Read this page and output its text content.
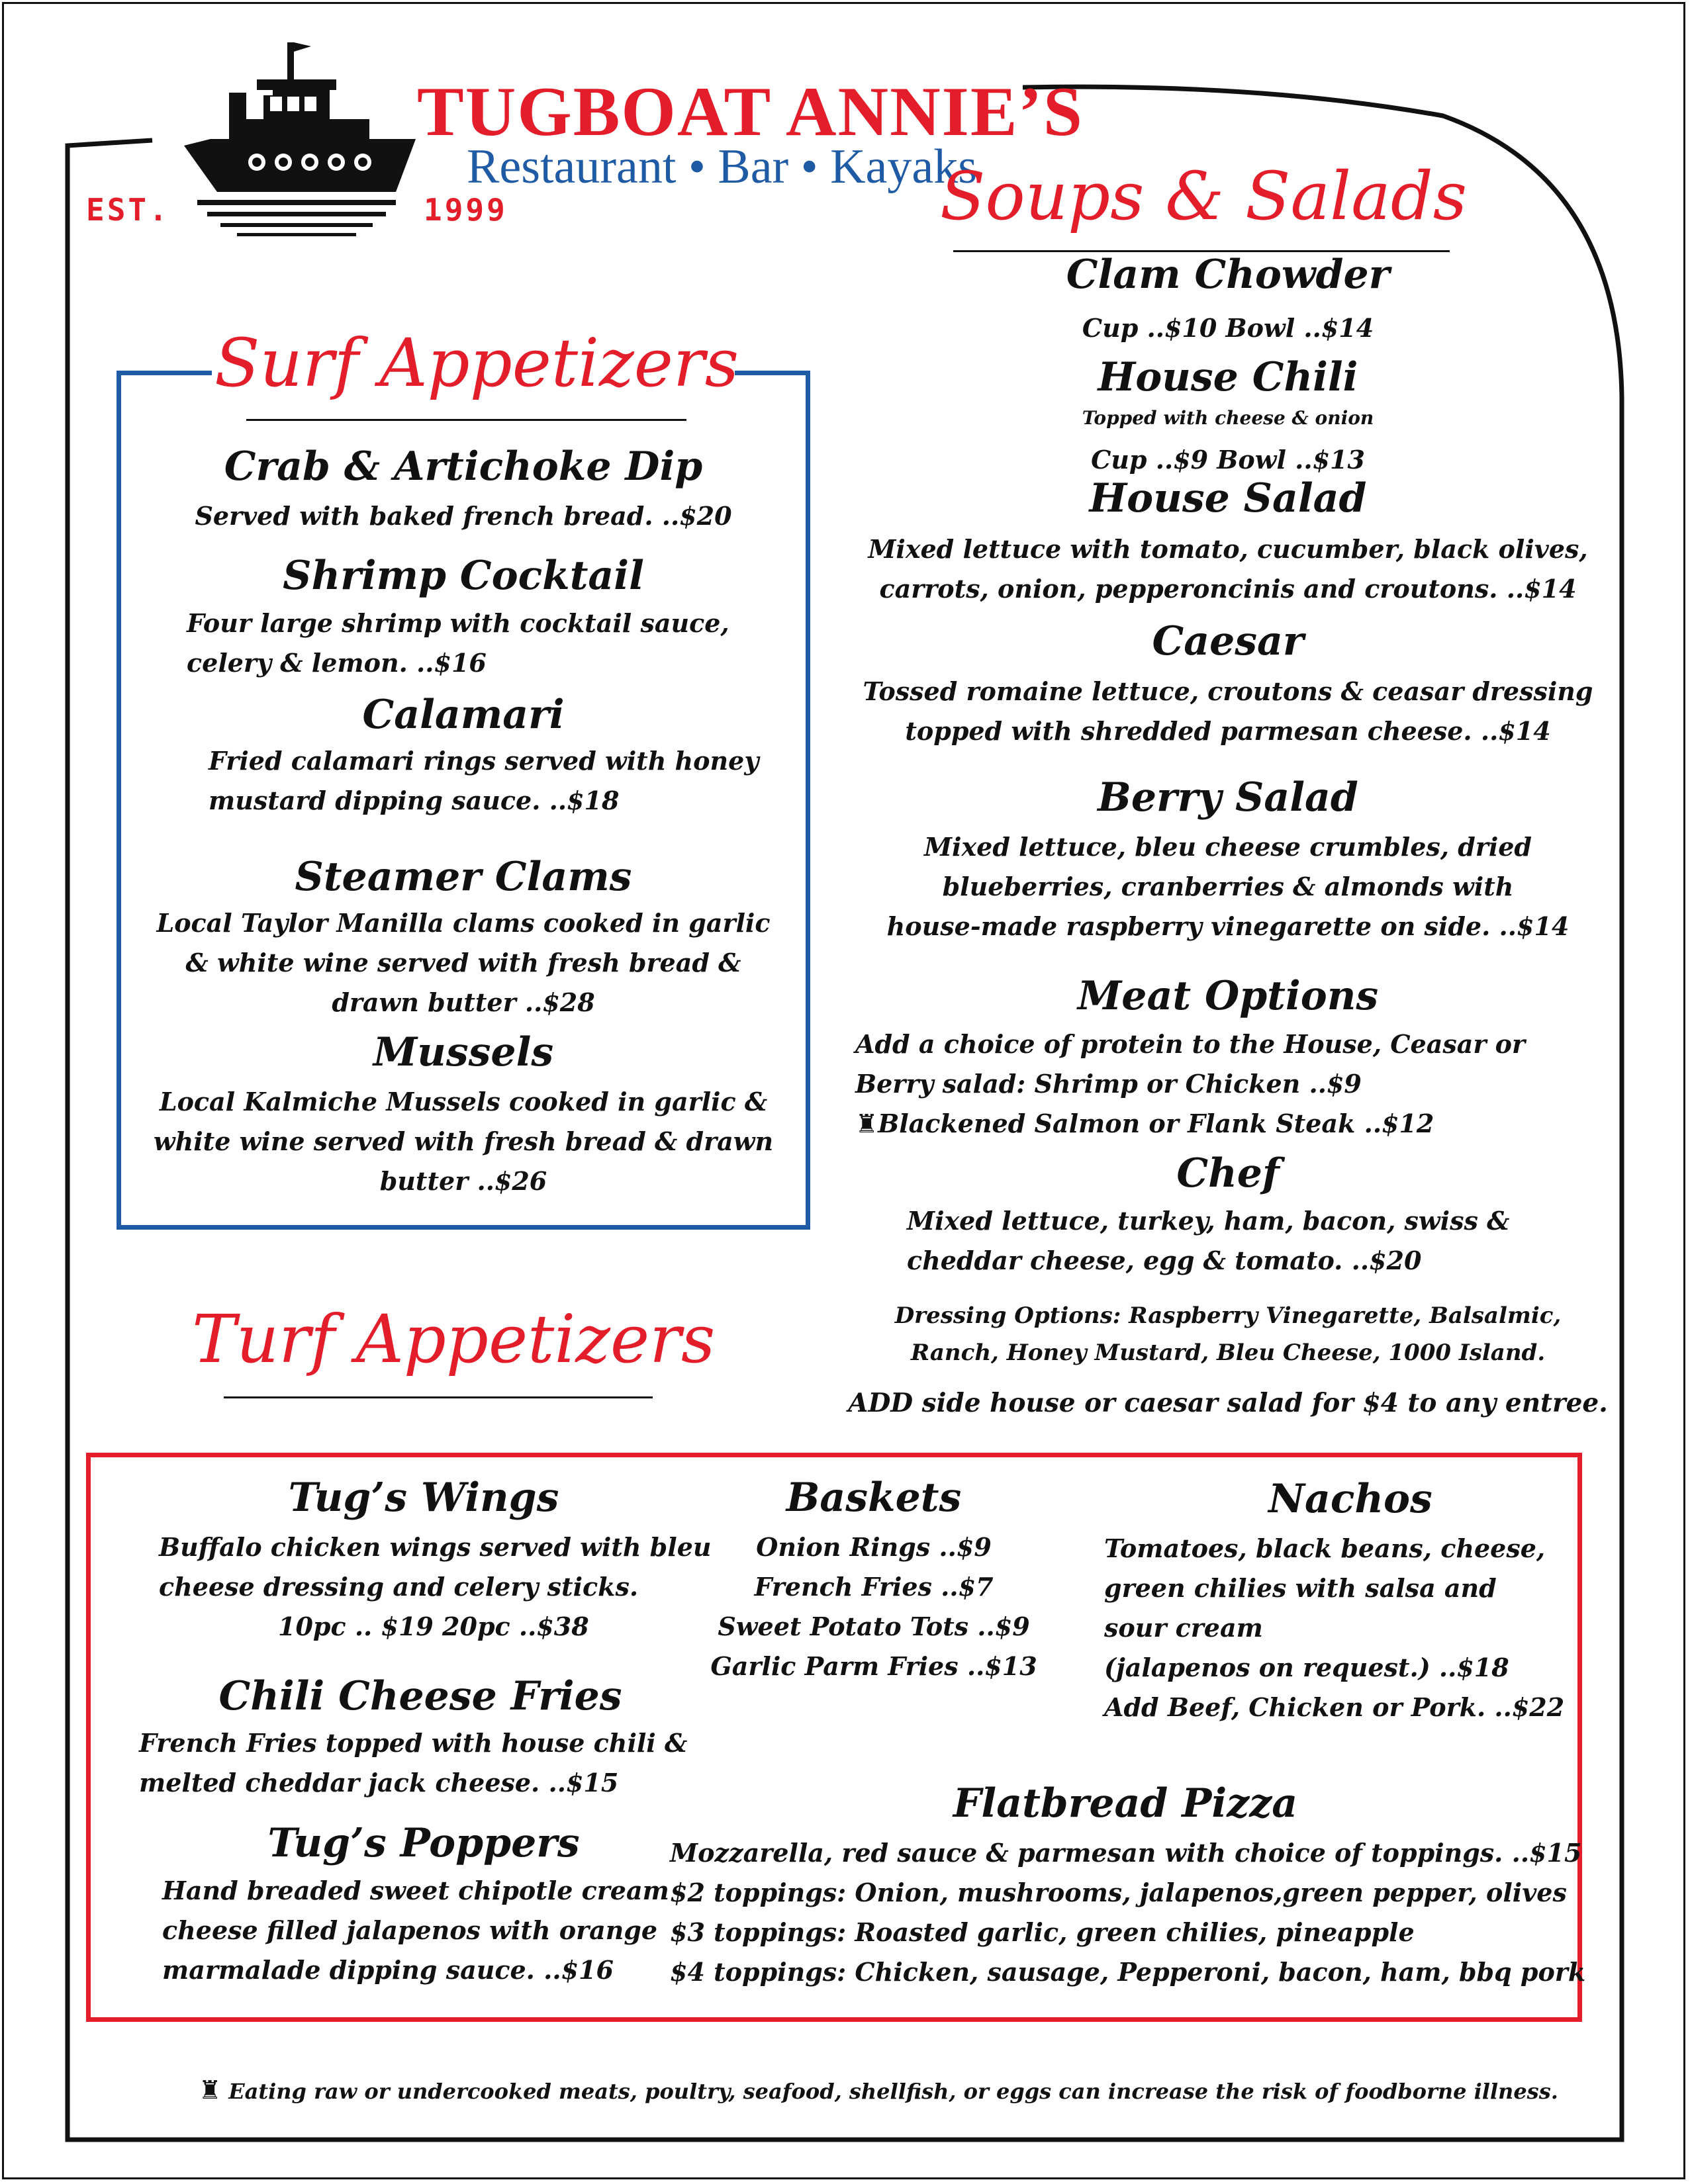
EST.	1999
TUGBOAT ANNIE’S
Restaurant • Bar • Kayaks
Soups & Salads
Clam Chowder
Cup ..$10 Bowl ..$14
House Chili
Topped with cheese & onion
Cup ..$9 Bowl ..$13
House Salad
Mixed lettuce with tomato, cucumber, black olives,
carrots, onion, pepperoncinis and croutons. ..$14
Caesar
Tossed romaine lettuce, croutons & ceasar dressing
topped with shredded parmesan cheese. ..$14
Berry Salad
Mixed lettuce, bleu cheese crumbles, dried
blueberries, cranberries & almonds with
house-made raspberry vinegarette on side. ..$14
Meat Options
Add a choice of protein to the House, Ceasar or
Berry salad: Shrimp or Chicken ..$9
♜Blackened Salmon or Flank Steak ..$12
Chef
Mixed lettuce, turkey, ham, bacon, swiss &
cheddar cheese, egg & tomato. ..$20
Dressing Options: Raspberry Vinegarette, Balsalmic,
Ranch, Honey Mustard, Bleu Cheese, 1000 Island.
ADD side house or caesar salad for $4 to any entree.
Surf Appetizers
Crab & Artichoke Dip
Served with baked french bread. ..$20
Shrimp Cocktail
Four large shrimp with cocktail sauce,
celery & lemon. ..$16
Calamari
Fried calamari rings served with honey
mustard dipping sauce. ..$18
Steamer Clams
Local Taylor Manilla clams cooked in garlic
& white wine served with fresh bread &
drawn butter ..$28
Mussels
Local Kalmiche Mussels cooked in garlic &
white wine served with fresh bread & drawn
butter ..$26
Turf Appetizers
Tug’s Wings
Buffalo chicken wings served with bleu
cheese dressing and celery sticks.
10pc .. $19 20pc ..$38
Chili Cheese Fries
French Fries topped with house chili &
melted cheddar jack cheese. ..$15
Tug’s Poppers
Hand breaded sweet chipotle cream
cheese filled jalapenos with orange
marmalade dipping sauce. ..$16
Baskets
Onion Rings ..$9
French Fries ..$7
Sweet Potato Tots ..$9
Garlic Parm Fries ..$13
Nachos
Tomatoes, black beans, cheese,
green chilies with salsa and
sour cream
(jalapenos on request.) ..$18
Add Beef, Chicken or Pork. ..$22
Flatbread Pizza
Mozzarella, red sauce & parmesan with choice of toppings. ..$15
$2 toppings: Onion, mushrooms, jalapenos,green pepper, olives
$3 toppings: Roasted garlic, green chilies, pineapple
$4 toppings: Chicken, sausage, Pepperoni, bacon, ham, bbq pork
♜ Eating raw or undercooked meats, poultry, seafood, shellfish, or eggs can increase the risk of foodborne illness.
